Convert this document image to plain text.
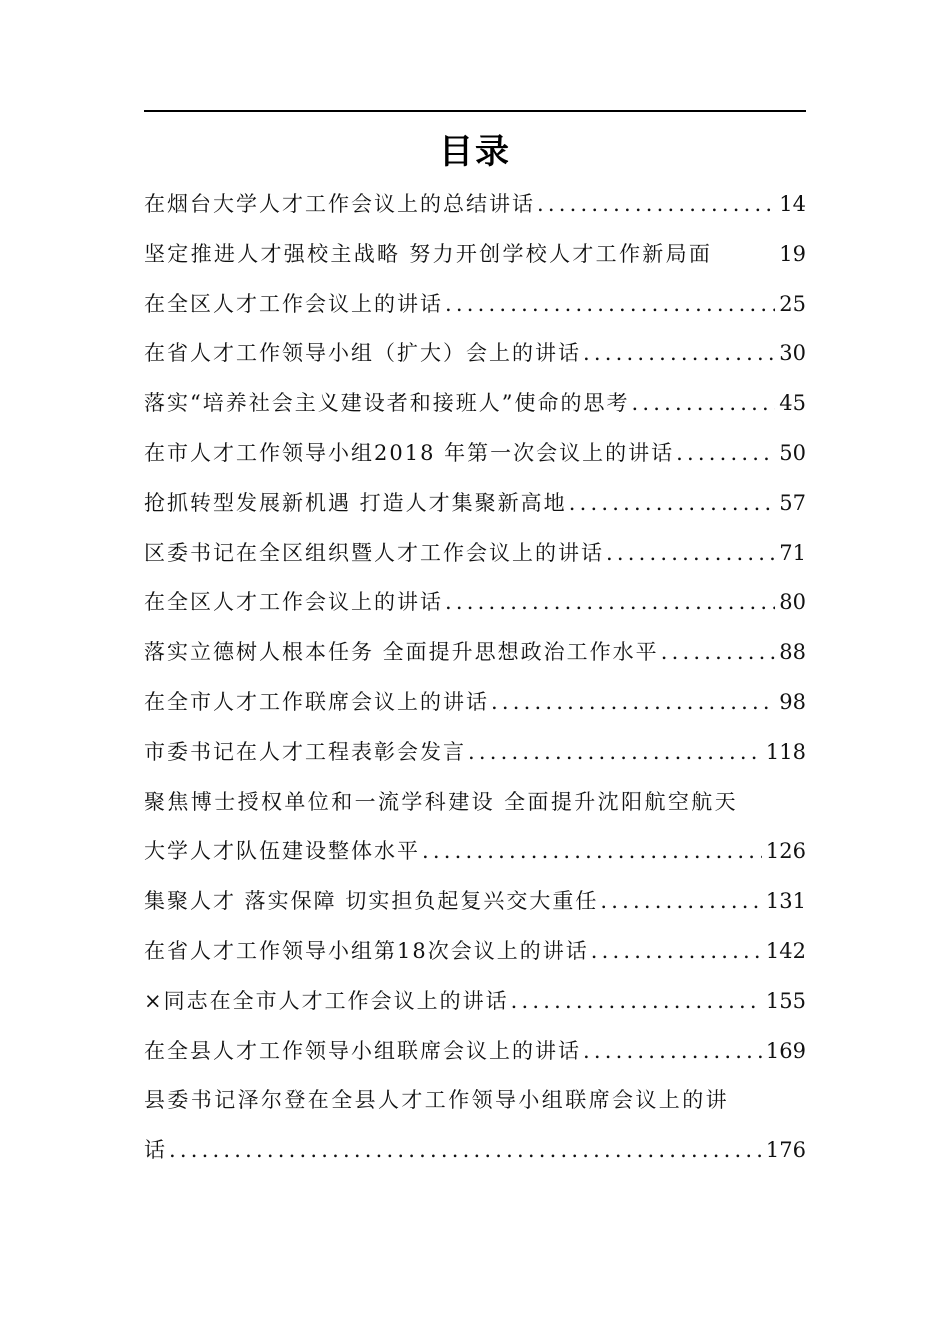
目录
在烟台大学人才工作会议上的总结讲话 .....	14
坚定推进人才强校主战略 努力开创学校人才工作新局面	19
在全区人才工作会议上的讲话 .....	25
在省人才工作领导小组（扩大）会上的讲话 .....	30
落实“培养社会主义建设者和接班人”使命的思考 .....	45
在市人才工作领导小组2018 年第一次会议上的讲话 .....	50
抢抓转型发展新机遇 打造人才集聚新高地 .....	57
区委书记在全区组织暨人才工作会议上的讲话 .....	71
在全区人才工作会议上的讲话 .....	80
落实立德树人根本任务 全面提升思想政治工作水平 .....	88
在全市人才工作联席会议上的讲话 .....	98
市委书记在人才工程表彰会发言 .....	118
聚焦博士授权单位和一流学科建设 全面提升沈阳航空航天
大学人才队伍建设整体水平 .....	126
集聚人才 落实保障 切实担负起复兴交大重任 .....	131
在省人才工作领导小组第18次会议上的讲话 .....	142
×同志在全市人才工作会议上的讲话 .....	155
在全县人才工作领导小组联席会议上的讲话 .....	169
县委书记泽尔登在全县人才工作领导小组联席会议上的讲
话 .....	176
